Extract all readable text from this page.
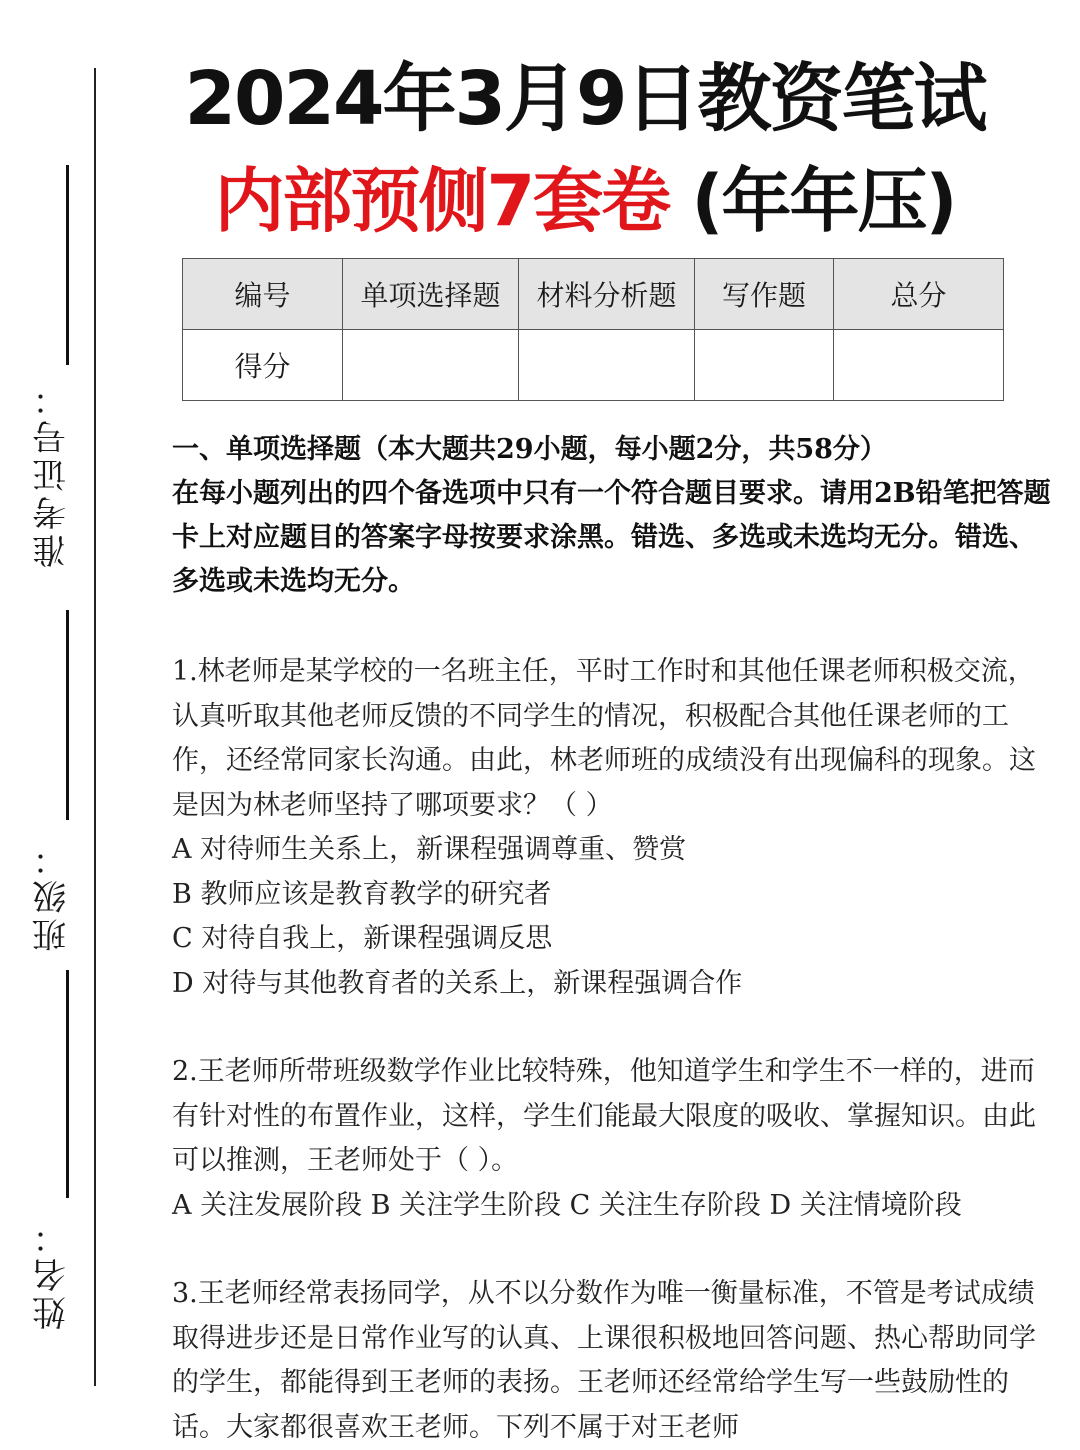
准考证号：
班级：
姓名：
2024年3月9日教资笔试
内部预侧7套卷 (年年压)
编号	单项选择题	材料分析题	写作题	总分
得分				
一、单项选择题（本大题共29小题，每小题2分，共58分）
在每小题列出的四个备选项中只有一个符合题目要求。请用2B铅笔把答题卡上对应题目的答案字母按要求涂黑。错选、多选或未选均无分。错选、多选或未选均无分。

1.林老师是某学校的一名班主任，平时工作时和其他任课老师积极交流，认真听取其他老师反馈的不同学生的情况，积极配合其他任课老师的工作，还经常同家长沟通。由此，林老师班的成绩没有出现偏科的现象。这是因为林老师坚持了哪项要求？（ ）

A 对待师生关系上，新课程强调尊重、赞赏

B 教师应该是教育教学的研究者

C 对待自我上，新课程强调反思

D 对待与其他教育者的关系上，新课程强调合作

2.王老师所带班级数学作业比较特殊，他知道学生和学生不一样的，进而有针对性的布置作业，这样，学生们能最大限度的吸收、掌握知识。由此可以推测，王老师处于（ ）。

A 关注发展阶段 B 关注学生阶段 C 关注生存阶段 D 关注情境阶段

3.王老师经常表扬同学，从不以分数作为唯一衡量标准，不管是考试成绩取得进步还是日常作业写的认真、上课很积极地回答问题、热心帮助同学的学生，都能得到王老师的表扬。王老师还经常给学生写一些鼓励性的话。大家都很喜欢王老师。下列不属于对王老师
